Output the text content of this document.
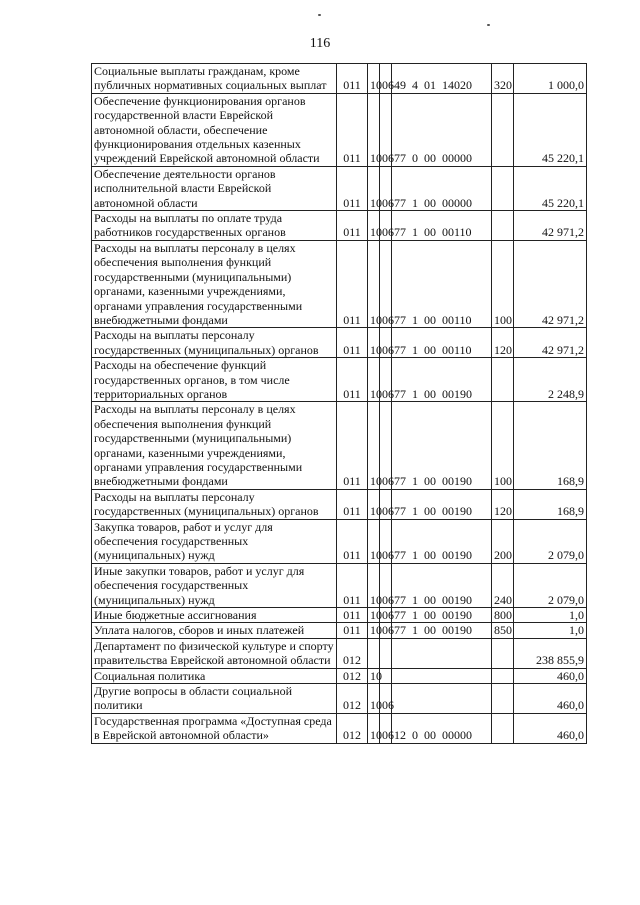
116
Социальные выплаты гражданам, кроме публичных нормативных социальных выплат	011	10	06	49  4  01  14020	320	1 000,0
Обеспечение функционирования органов государственной власти Еврейской автономной области, обеспечение функционирования отдельных казенных учреждений Еврейской автономной области	011	10	06	77  0  00  00000		45 220,1
Обеспечение деятельности органов исполнительной власти Еврейской автономной области	011	10	06	77  1  00  00000		45 220,1
Расходы на выплаты по оплате труда работников государственных органов	011	10	06	77  1  00  00110		42 971,2
Расходы на выплаты персоналу в целях обеспечения выполнения функций государственными (муниципальными) органами, казенными учреждениями, органами управления государственными внебюджетными фондами	011	10	06	77  1  00  00110	100	42 971,2
Расходы на выплаты персоналу государственных (муниципальных) органов	011	10	06	77  1  00  00110	120	42 971,2
Расходы на обеспечение функций государственных органов, в том числе территориальных органов	011	10	06	77  1  00  00190		2 248,9
Расходы на выплаты персоналу в целях обеспечения выполнения функций государственными (муниципальными) органами, казенными учреждениями, органами управления государственными внебюджетными фондами	011	10	06	77  1  00  00190	100	168,9
Расходы на выплаты персоналу государственных (муниципальных) органов	011	10	06	77  1  00  00190	120	168,9
Закупка товаров, работ и услуг для обеспечения государственных (муниципальных) нужд	011	10	06	77  1  00  00190	200	2 079,0
Иные закупки товаров, работ и услуг для обеспечения государственных (муниципальных) нужд	011	10	06	77  1  00  00190	240	2 079,0
Иные бюджетные ассигнования	011	10	06	77  1  00  00190	800	1,0
Уплата налогов, сборов и иных платежей	011	10	06	77  1  00  00190	850	1,0
Департамент по физической культуре и спорту правительства Еврейской автономной области	012					238 855,9
Социальная политика	012	10				460,0
Другие вопросы в области социальной политики	012	10	06			460,0
Государственная программа «Доступная среда в Еврейской автономной области»	012	10	06	12  0  00  00000		460,0
